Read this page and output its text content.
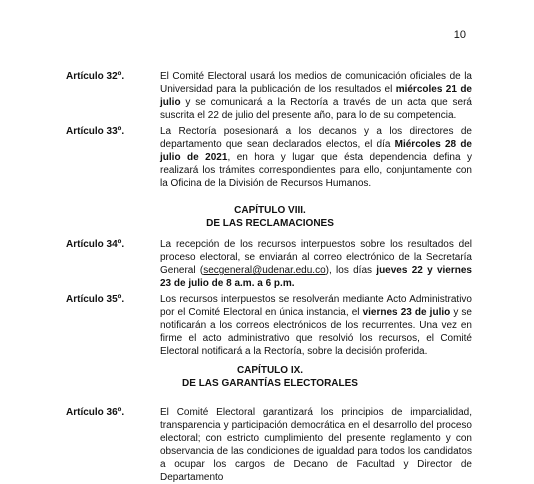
10
Artículo 32º.	El Comité Electoral usará los medios de comunicación oficiales de la Universidad para la publicación de los resultados el miércoles 21 de julio y se comunicará a la Rectoría a través de un acta que será suscrita el 22 de julio del presente año, para lo de su competencia.
Artículo 33º.	La Rectoría posesionará a los decanos y a los directores de departamento que sean declarados electos, el día Miércoles 28 de julio de 2021, en hora y lugar que ésta dependencia defina y realizará los trámites correspondientes para ello, conjuntamente con la Oficina de la División de Recursos Humanos.
CAPÍTULO VIII.
DE LAS RECLAMACIONES
Artículo 34º.	La recepción de los recursos interpuestos sobre los resultados del proceso electoral, se enviarán al correo electrónico de la Secretaría General (secgeneral@udenar.edu.co), los días jueves 22 y viernes 23 de julio de 8 a.m. a 6 p.m.
Artículo 35º.	Los recursos interpuestos se resolverán mediante Acto Administrativo por el Comité Electoral en única instancia, el viernes 23 de julio y se notificarán a los correos electrónicos de los recurrentes. Una vez en firme el acto administrativo que resolvió los recursos, el Comité Electoral notificará a la Rectoría, sobre la decisión proferida.
CAPÍTULO IX.
DE LAS GARANTÍAS ELECTORALES
Artículo 36º.	El Comité Electoral garantizará los principios de imparcialidad, transparencia y participación democrática en el desarrollo del proceso electoral; con estricto cumplimiento del presente reglamento y con observancia de las condiciones de igualdad para todos los candidatos a ocupar los cargos de Decano de Facultad y Director de Departamento
